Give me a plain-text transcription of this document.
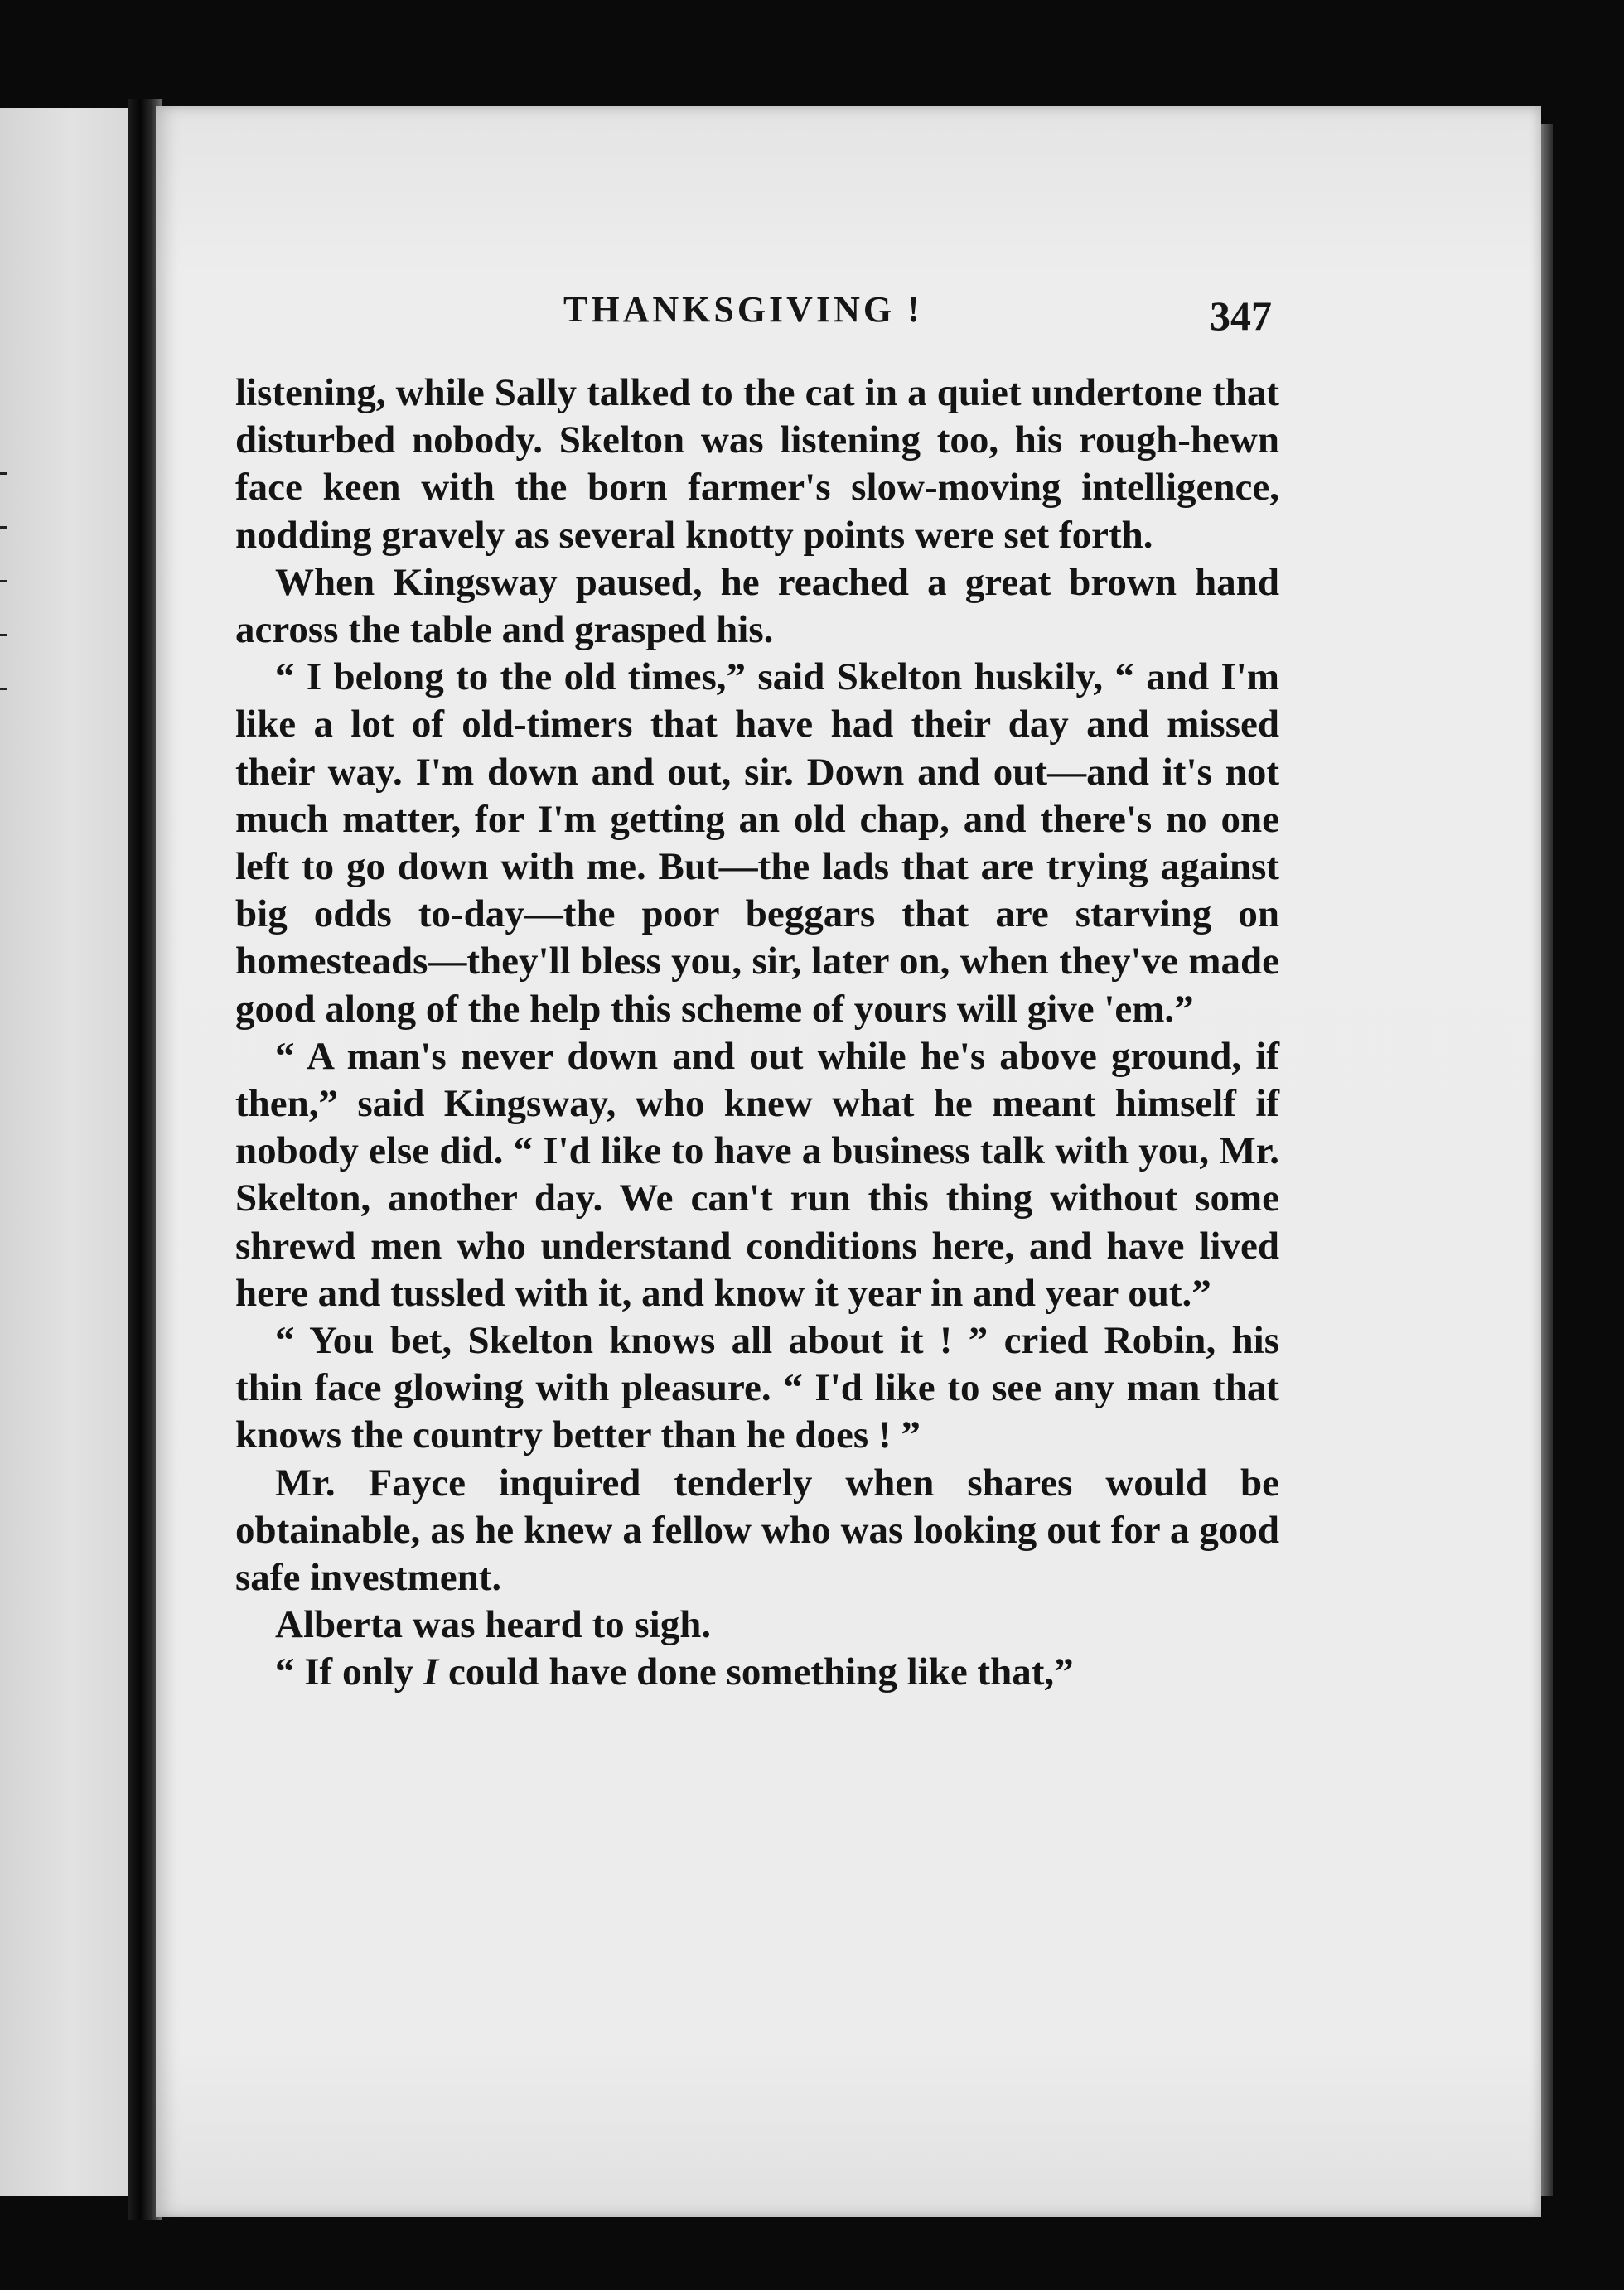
THANKSGIVING !	347

listening, while Sally talked to the cat in a quiet undertone that disturbed nobody. Skelton was listening too, his rough-hewn face keen with the born farmer's slow-moving intelligence, nodding gravely as several knotty points were set forth.

When Kingsway paused, he reached a great brown hand across the table and grasped his.

“ I belong to the old times,” said Skelton huskily, “ and I'm like a lot of old-timers that have had their day and missed their way. I'm down and out, sir. Down and out—and it's not much matter, for I'm getting an old chap, and there's no one left to go down with me. But—the lads that are trying against big odds to-day—the poor beggars that are starving on homesteads—they'll bless you, sir, later on, when they've made good along of the help this scheme of yours will give 'em.”

“ A man's never down and out while he's above ground, if then,” said Kingsway, who knew what he meant himself if nobody else did. “ I'd like to have a business talk with you, Mr. Skelton, another day. We can't run this thing without some shrewd men who understand conditions here, and have lived here and tussled with it, and know it year in and year out.”

“ You bet, Skelton knows all about it ! ” cried Robin, his thin face glowing with pleasure. “ I'd like to see any man that knows the country better than he does ! ”

Mr. Fayce inquired tenderly when shares would be obtainable, as he knew a fellow who was looking out for a good safe investment.

Alberta was heard to sigh.

“ If only I could have done something like that,”
